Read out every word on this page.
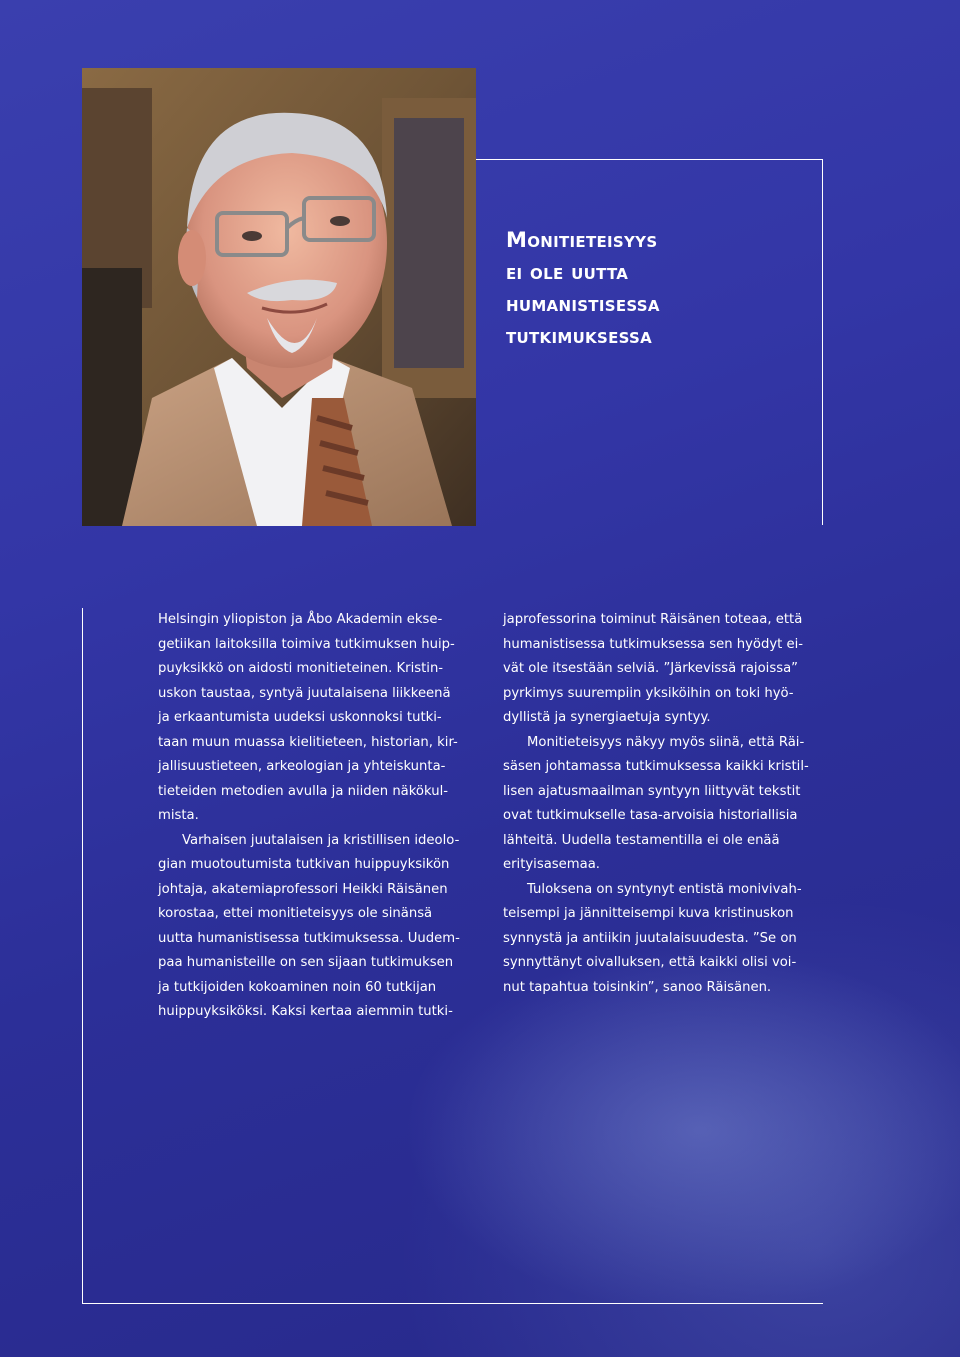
Monitieteisyys
ei ole uutta
humanistisessa
tutkimuksessa

Helsingin yliopiston ja Åbo Akademin ekse-

getiikan laitoksilla toimiva tutkimuksen huip-

puyksikkö on aidosti monitieteinen. Kristin-

uskon taustaa, syntyä juutalaisena liikkeenä

ja erkaantumista uudeksi uskonnoksi tutki-

taan muun muassa kielitieteen, historian, kir-

jallisuustieteen, arkeologian ja yhteiskunta-

tieteiden metodien avulla ja niiden näkökul-

mista.

Varhaisen juutalaisen ja kristillisen ideolo-

gian muotoutumista tutkivan huippuyksikön

johtaja, akatemiaprofessori Heikki Räisänen

korostaa, ettei monitieteisyys ole sinänsä

uutta humanistisessa tutkimuksessa. Uudem-

paa humanisteille on sen sijaan tutkimuksen

ja tutkijoiden kokoaminen noin 60 tutkijan

huippuyksiköksi. Kaksi kertaa aiemmin tutki-

japrofessorina toiminut Räisänen toteaa, että

humanistisessa tutkimuksessa sen hyödyt ei-

vät ole itsestään selviä. ”Järkevissä rajoissa”

pyrkimys suurempiin yksiköihin on toki hyö-

dyllistä ja synergiaetuja syntyy.

Monitieteisyys näkyy myös siinä, että Räi-

säsen johtamassa tutkimuksessa kaikki kristil-

lisen ajatusmaailman syntyyn liittyvät tekstit

ovat tutkimukselle tasa-arvoisia historiallisia

lähteitä. Uudella testamentilla ei ole enää

erityisasemaa.

Tuloksena on syntynyt entistä monivivah-

teisempi ja jännitteisempi kuva kristinuskon

synnystä ja antiikin juutalaisuudesta. ”Se on

synnyttänyt oivalluksen, että kaikki olisi voi-

nut tapahtua toisinkin”, sanoo Räisänen.
